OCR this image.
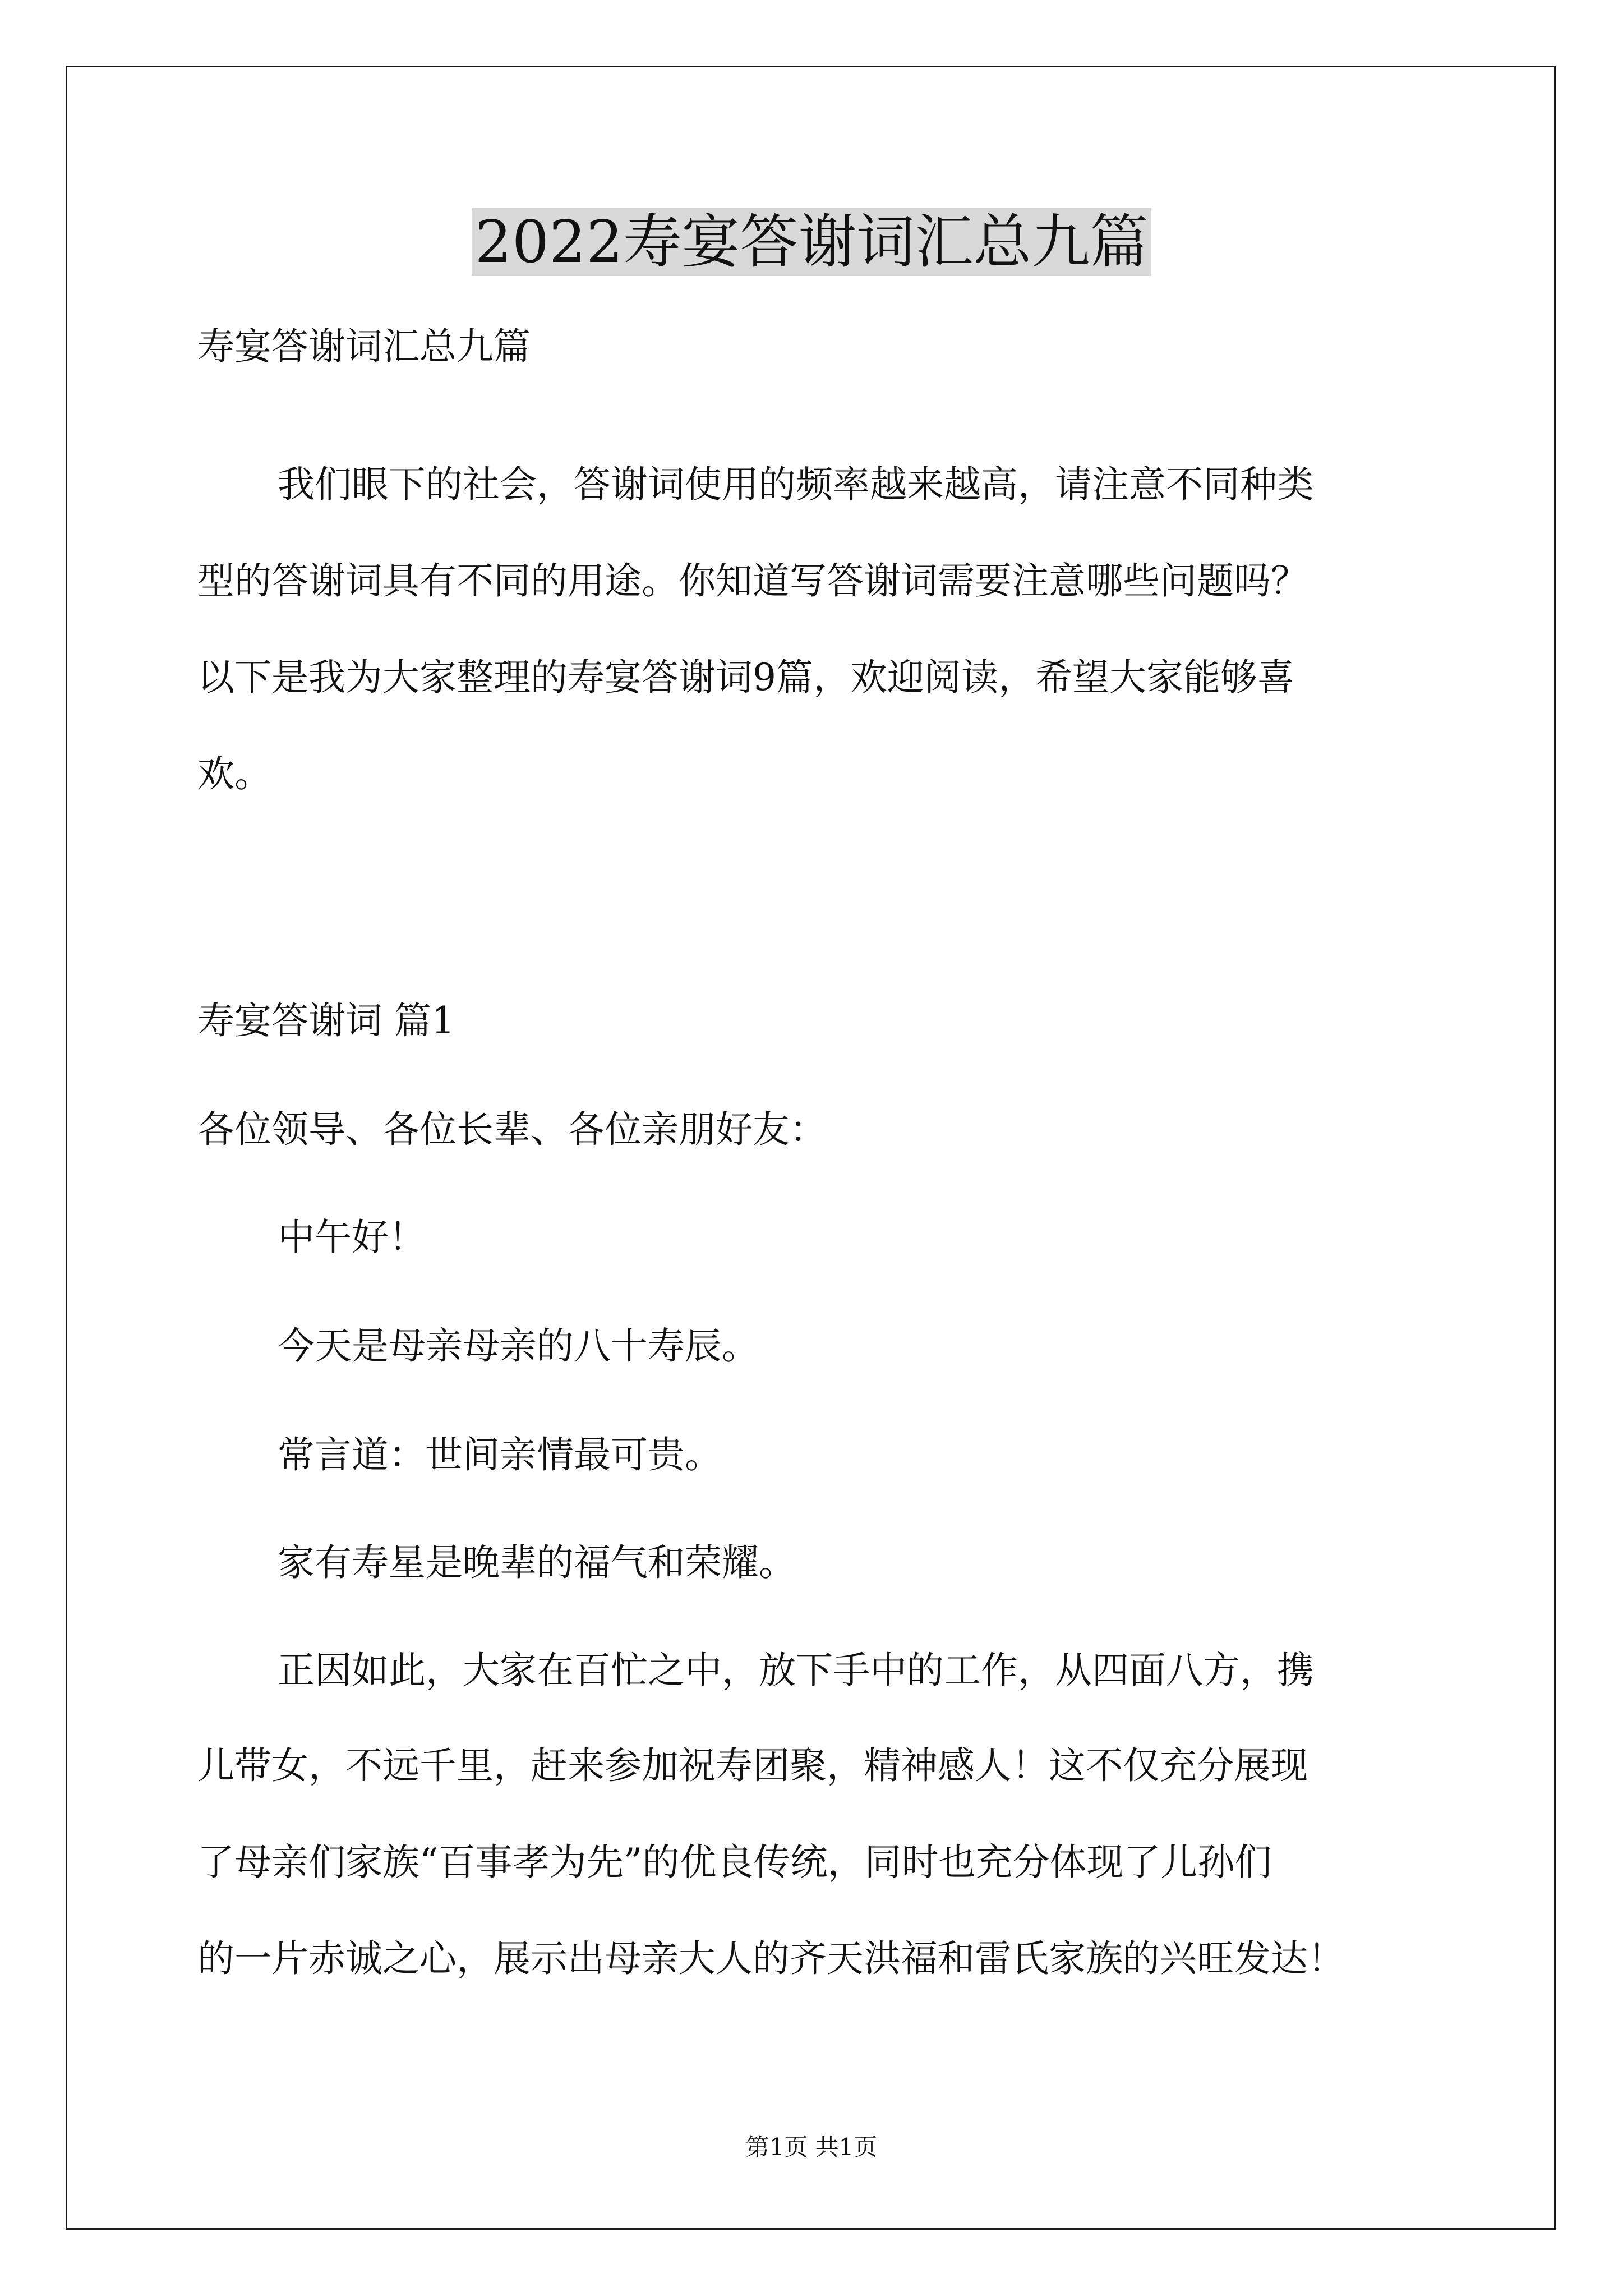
2022寿宴答谢词汇总九篇

寿宴答谢词汇总九篇

我们眼下的社会，答谢词使用的频率越来越高，请注意不同种类

型的答谢词具有不同的用途。你知道写答谢词需要注意哪些问题吗？

以下是我为大家整理的寿宴答谢词9篇，欢迎阅读，希望大家能够喜

欢。

寿宴答谢词 篇1

各位领导、各位长辈、各位亲朋好友：

中午好！

今天是母亲母亲的八十寿辰。

常言道：世间亲情最可贵。

家有寿星是晚辈的福气和荣耀。

正因如此，大家在百忙之中，放下手中的工作，从四面八方，携

儿带女，不远千里，赶来参加祝寿团聚，精神感人！这不仅充分展现

了母亲们家族“百事孝为先”的优良传统，同时也充分体现了儿孙们

的一片赤诚之心，展示出母亲大人的齐天洪福和雷氏家族的兴旺发达！

第1页 共1页
